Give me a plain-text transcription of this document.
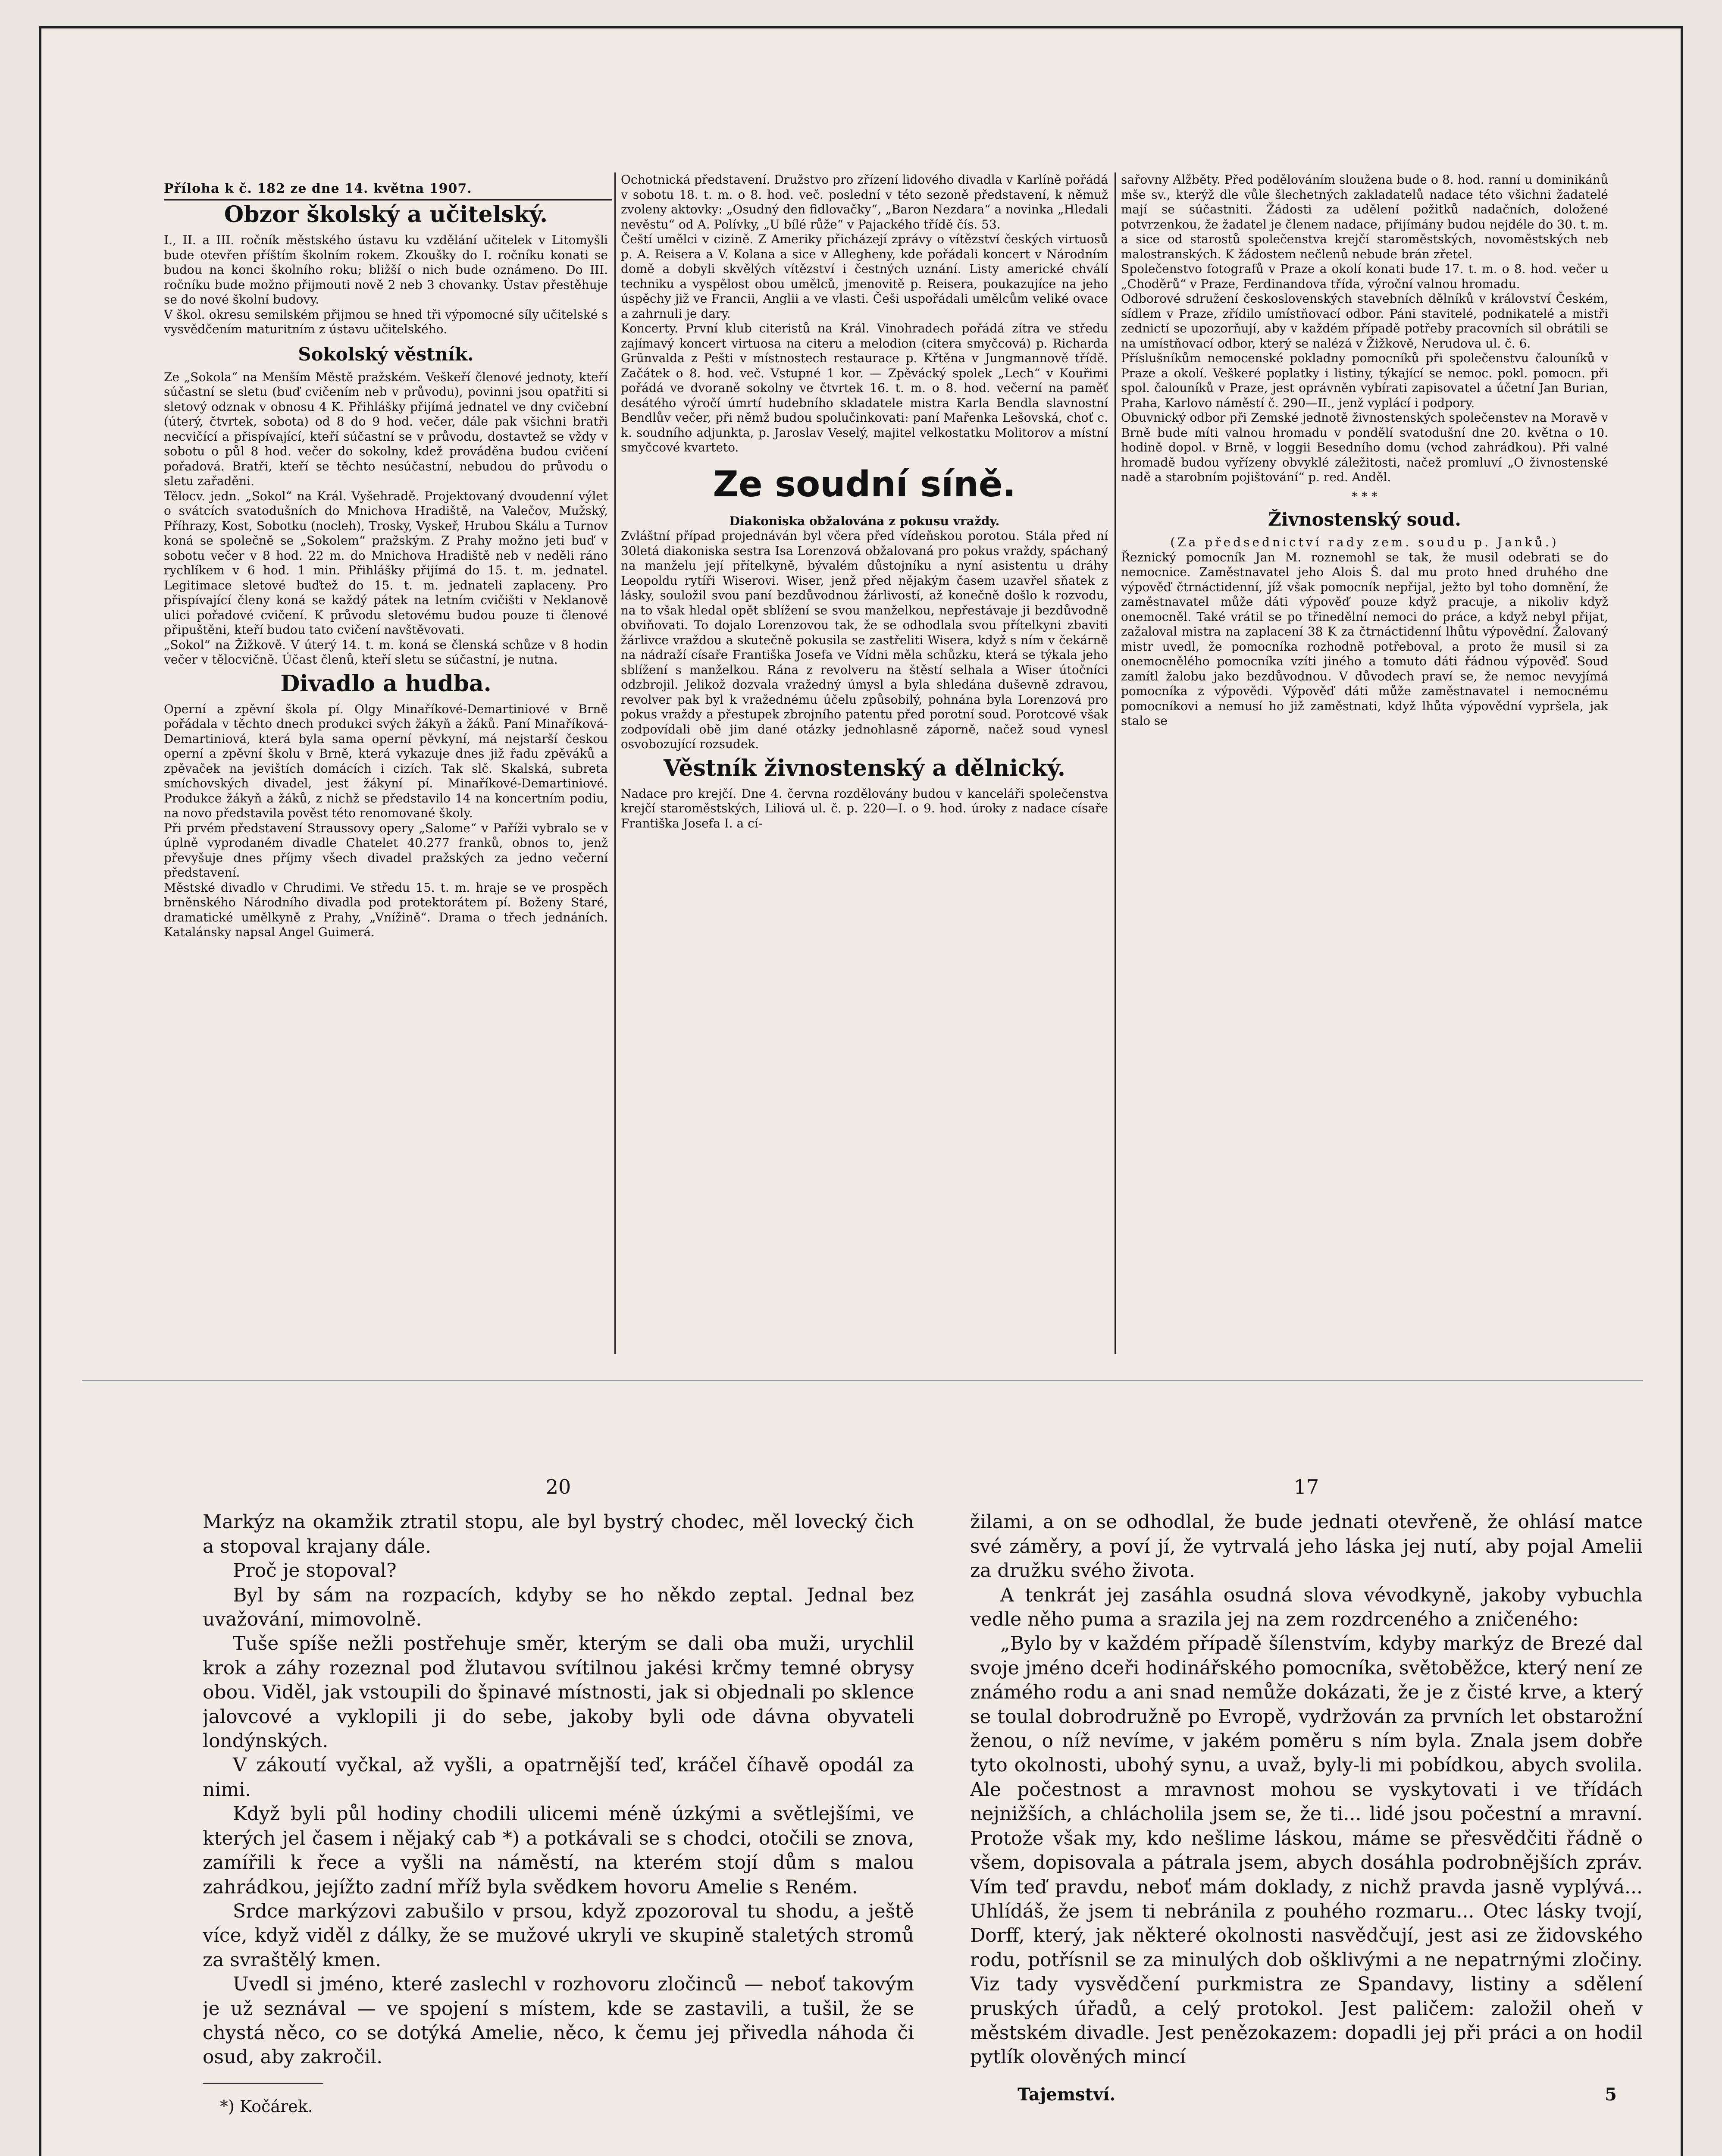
Příloha k č. 182 ze dne 14. května 1907.
Obzor školský a učitelský.

I., II. a III. ročník městského ústavu ku vzdělání učitelek v Litomyšli bude otevřen příštím školním rokem. Zkoušky do I. ročníku konati se budou na konci školního roku; bližší o nich bude oznámeno. Do III. ročníku bude možno přijmouti nově 2 neb 3 chovanky. Ústav přestěhuje se do nové školní budovy.

V škol. okresu semilském přijmou se hned tři výpomocné síly učitelské s vysvědčením maturitním z ústavu učitelského.

Sokolský věstník.

Ze „Sokola“ na Menším Městě pražském. Veškeří členové jednoty, kteří súčastní se sletu (buď cvičením neb v průvodu), povinni jsou opatřiti si sletový odznak v obnosu 4 K. Přihlášky přijímá jednatel ve dny cvičební (úterý, čtvrtek, sobota) od 8 do 9 hod. večer, dále pak všichni bratři necvičící a přispívající, kteří súčastní se v průvodu, dostavtež se vždy v sobotu o půl 8 hod. večer do sokolny, kdež prováděna budou cvičení pořadová. Bratři, kteří se těchto nesúčastní, nebudou do průvodu o sletu zařaděni.

Tělocv. jedn. „Sokol“ na Král. Vyšehradě. Projektovaný dvoudenní výlet o svátcích svatodušních do Mnichova Hradiště, na Valečov, Mužský, Příhrazy, Kost, Sobotku (nocleh), Trosky, Vyskeř, Hrubou Skálu a Turnov koná se společně se „Sokolem“ pražským. Z Prahy možno jeti buď v sobotu večer v 8 hod. 22 m. do Mnichova Hradiště neb v neděli ráno rychlíkem v 6 hod. 1 min. Přihlášky přijímá do 15. t. m. jednatel. Legitimace sletové buďtež do 15. t. m. jednateli zaplaceny. Pro přispívající členy koná se každý pátek na letním cvičišti v Neklanově ulici pořadové cvičení. K průvodu sletovému budou pouze ti členové připuštěni, kteří budou tato cvičení navštěvovati.

„Sokol“ na Žižkově. V úterý 14. t. m. koná se členská schůze v 8 hodin večer v tělocvičně. Účast členů, kteří sletu se súčastní, je nutna.

Divadlo a hudba.

Operní a zpěvní škola pí. Olgy Minaříkové-Demartiniové v Brně pořádala v těchto dnech produkci svých žákyň a žáků. Paní Minaříková-Demartiniová, která byla sama operní pěvkyní, má nejstarší českou operní a zpěvní školu v Brně, která vykazuje dnes již řadu zpěváků a zpěvaček na jevištích domácích i cizích. Tak slč. Skalská, subreta smíchovských divadel, jest žákyní pí. Minaříkové-Demartiniové. Produkce žákyň a žáků, z nichž se představilo 14 na koncertním podiu, na novo představila pověst této renomované školy.

Při prvém představení Straussovy opery „Salome“ v Paříži vybralo se v úplně vyprodaném divadle Chatelet 40.277 franků, obnos to, jenž převyšuje dnes příjmy všech divadel pražských za jedno večerní představení.

Městské divadlo v Chrudimi. Ve středu 15. t. m. hraje se ve prospěch brněnského Národního divadla pod protektorátem pí. Boženy Staré, dramatické umělkyně z Prahy, „Vnížině“. Drama o třech jednáních. Katalánsky napsal Angel Guimerá.

Ochotnická představení. Družstvo pro zřízení lidového divadla v Karlíně pořádá v sobotu 18. t. m. o 8. hod. več. poslední v této sezoně představení, k němuž zvoleny aktovky: „Osudný den fidlovačky“, „Baron Nezdara“ a novinka „Hledali nevěstu“ od A. Polívky, „U bílé růže“ v Pajackého třídě čís. 53.

Čeští umělci v cizině. Z Ameriky přicházejí zprávy o vítězství českých virtuosů p. A. Reisera a V. Kolana a sice v Allegheny, kde pořádali koncert v Národním domě a dobyli skvělých vítězství i čestných uznání. Listy americké chválí techniku a vyspělost obou umělců, jmenovitě p. Reisera, poukazujíce na jeho úspěchy již ve Francii, Anglii a ve vlasti. Češi uspořádali umělcům veliké ovace a zahrnuli je dary.

Koncerty. První klub citeristů na Král. Vinohradech pořádá zítra ve středu zajímavý koncert virtuosa na citeru a melodion (citera smyčcová) p. Richarda Grünvalda z Pešti v místnostech restaurace p. Křtěna v Jungmannově třídě. Začátek o 8. hod. več. Vstupné 1 kor. — Zpěvácký spolek „Lech“ v Kouřimi pořádá ve dvoraně sokolny ve čtvrtek 16. t. m. o 8. hod. večerní na paměť desátého výročí úmrtí hudebního skladatele mistra Karla Bendla slavnostní Bendlův večer, při němž budou spolučinkovati: paní Mařenka Lešovská, choť c. k. soudního adjunkta, p. Jaroslav Veselý, majitel velkostatku Molitorov a místní smyčcové kvarteto.

Ze soudní síně.
Diakoniska obžalována z pokusu vraždy.

Zvláštní případ projednáván byl včera před vídeňskou porotou. Stála před ní 30letá diakoniska sestra Isa Lorenzová obžalovaná pro pokus vraždy, spáchaný na manželu její přítelkyně, bývalém důstojníku a nyní asistentu u dráhy Leopoldu rytíři Wiserovi. Wiser, jenž před nějakým časem uzavřel sňatek z lásky, souložil svou paní bezdůvodnou žárlivostí, až konečně došlo k rozvodu, na to však hledal opět sblížení se svou manželkou, nepřestávaje ji bezdůvodně obviňovati. To dojalo Lorenzovou tak, že se odhodlala svou přítelkyni zbaviti žárlivce vraždou a skutečně pokusila se zastřeliti Wisera, když s ním v čekárně na nádraží císaře Františka Josefa ve Vídni měla schůzku, která se týkala jeho sblížení s manželkou. Rána z revolveru na štěstí selhala a Wiser útočníci odzbrojil. Jelikož dozvala vražedný úmysl a byla shledána duševně zdravou, revolver pak byl k vražednému účelu způsobilý, pohnána byla Lorenzová pro pokus vraždy a přestupek zbrojního patentu před porotní soud. Porotcové však zodpovídali obě jim dané otázky jednohlasně záporně, načež soud vynesl osvobozující rozsudek.

Věstník živnostenský a dělnický.

Nadace pro krejčí. Dne 4. června rozdělovány budou v kanceláři společenstva krejčí staroměstských, Liliová ul. č. p. 220—I. o 9. hod. úroky z nadace císaře Františka Josefa I. a cí-

sařovny Alžběty. Před podělováním sloužena bude o 8. hod. ranní u dominikánů mše sv., kterýž dle vůle šlechetných zakladatelů nadace této všichni žadatelé mají se súčastniti. Žádosti za udělení požitků nadačních, doložené potvrzenkou, že žadatel je členem nadace, přijímány budou nejdéle do 30. t. m. a sice od starostů společenstva krejčí staroměstských, novoměstských neb malostranských. K žádostem nečlenů nebude brán zřetel.

Společenstvo fotografů v Praze a okolí konati bude 17. t. m. o 8. hod. večer u „Choděrů“ v Praze, Ferdinandova třída, výroční valnou hromadu.

Odborové sdružení československých stavebních dělníků v království Českém, sídlem v Praze, zřídilo umístňovací odbor. Páni stavitelé, podnikatelé a mistři zednictí se upozorňují, aby v každém případě potřeby pracovních sil obrátili se na umístňovací odbor, který se nalézá v Žižkově, Nerudova ul. č. 6.

Příslušníkům nemocenské pokladny pomocníků při společenstvu čalouníků v Praze a okolí. Veškeré poplatky i listiny, týkající se nemoc. pokl. pomocn. při spol. čalouníků v Praze, jest oprávněn vybírati zapisovatel a účetní Jan Burian, Praha, Karlovo náměstí č. 290—II., jenž vyplácí i podpory.

Obuvnický odbor při Zemské jednotě živnostenských společenstev na Moravě v Brně bude míti valnou hromadu v pondělí svatodušní dne 20. května o 10. hodině dopol. v Brně, v loggii Besedního domu (vchod zahrádkou). Při valné hromadě budou vyřízeny obvyklé záležitosti, načež promluví „O živnostenské nadě a starobním pojištování“ p. red. Anděl.

* * *
Živnostenský soud.
(Za předsednictví rady zem. soudu p. Janků.)

Řeznický pomocník Jan M. roznemohl se tak, že musil odebrati se do nemocnice. Zaměstnavatel jeho Alois Š. dal mu proto hned druhého dne výpověď čtrnáctidenní, jíž však pomocník nepřijal, ježto byl toho domnění, že zaměstnavatel může dáti výpověď pouze když pracuje, a nikoliv když onemocněl. Také vrátil se po třinedělní nemoci do práce, a když nebyl přijat, zažaloval mistra na zaplacení 38 K za čtrnáctidenní lhůtu výpovědní. Žalovaný mistr uvedl, že pomocníka rozhodně potřeboval, a proto že musil si za onemocnělého pomocníka vzíti jiného a tomuto dáti řádnou výpověď. Soud zamítl žalobu jako bezdůvodnou. V důvodech praví se, že nemoc nevyjímá pomocníka z výpovědi. Výpověď dáti může zaměstnavatel i nemocnému pomocníkovi a nemusí ho již zaměstnati, když lhůta výpovědní vypršela, jak stalo se

20

Markýz na okamžik ztratil stopu, ale byl bystrý chodec, měl lovecký čich a stopoval krajany dále.

Proč je stopoval?

Byl by sám na rozpacích, kdyby se ho někdo zeptal. Jednal bez uvažování, mimovolně.

Tuše spíše nežli postřehuje směr, kterým se dali oba muži, urychlil krok a záhy rozeznal pod žlutavou svítilnou jakési krčmy temné obrysy obou. Viděl, jak vstoupili do špinavé místnosti, jak si objednali po sklence jalovcové a vyklopili ji do sebe, jakoby byli ode dávna obyvateli londýnských.

V zákoutí vyčkal, až vyšli, a opatrnější teď, kráčel číhavě opodál za nimi.

Když byli půl hodiny chodili ulicemi méně úzkými a světlejšími, ve kterých jel časem i nějaký cab *) a potkávali se s chodci, otočili se znova, zamířili k řece a vyšli na náměstí, na kterém stojí dům s malou zahrádkou, jejížto zadní mříž byla svědkem hovoru Amelie s Reném.

Srdce markýzovi zabušilo v prsou, když zpozoroval tu shodu, a ještě více, když viděl z dálky, že se mužové ukryli ve skupině staletých stromů za svraštělý kmen.

Uvedl si jméno, které zaslechl v rozhovoru zločinců — neboť takovým je už seznával — ve spojení s místem, kde se zastavili, a tušil, že se chystá něco, co se dotýká Amelie, něco, k čemu jej přivedla náhoda či osud, aby zakročil.

*) Kočárek.

17

žilami, a on se odhodlal, že bude jednati otevřeně, že ohlásí matce své záměry, a poví jí, že vytrvalá jeho láska jej nutí, aby pojal Amelii za družku svého života.

A tenkrát jej zasáhla osudná slova vévodkyně, jakoby vybuchla vedle něho puma a srazila jej na zem rozdrceného a zničeného:

„Bylo by v každém případě šílenstvím, kdyby markýz de Brezé dal svoje jméno dceři hodinářského pomocníka, světoběžce, který není ze známého rodu a ani snad nemůže dokázati, že je z čisté krve, a který se toulal dobrodružně po Evropě, vydržován za prvních let obstarožní ženou, o níž nevíme, v jakém poměru s ním byla. Znala jsem dobře tyto okolnosti, ubohý synu, a uvaž, byly-li mi pobídkou, abych svolila. Ale počestnost a mravnost mohou se vyskytovati i ve třídách nejnižších, a chlácholila jsem se, že ti... lidé jsou počestní a mravní. Protože však my, kdo nešlime láskou, máme se přesvědčiti řádně o všem, dopisovala a pátrala jsem, abych dosáhla podrobnějších zpráv. Vím teď pravdu, neboť mám doklady, z nichž pravda jasně vyplývá... Uhlídáš, že jsem ti nebránila z pouhého rozmaru... Otec lásky tvojí, Dorff, který, jak některé okolnosti nasvědčují, jest asi ze židovského rodu, potřísnil se za minulých dob ošklivými a ne nepatrnými zločiny. Viz tady vysvědčení purkmistra ze Spandavy, listiny a sdělení pruských úřadů, a celý protokol. Jest paličem: založil oheň v městském divadle. Jest penězokazem: dopadli jej při práci a on hodil pytlík olověných mincí

Tajemství.	5
